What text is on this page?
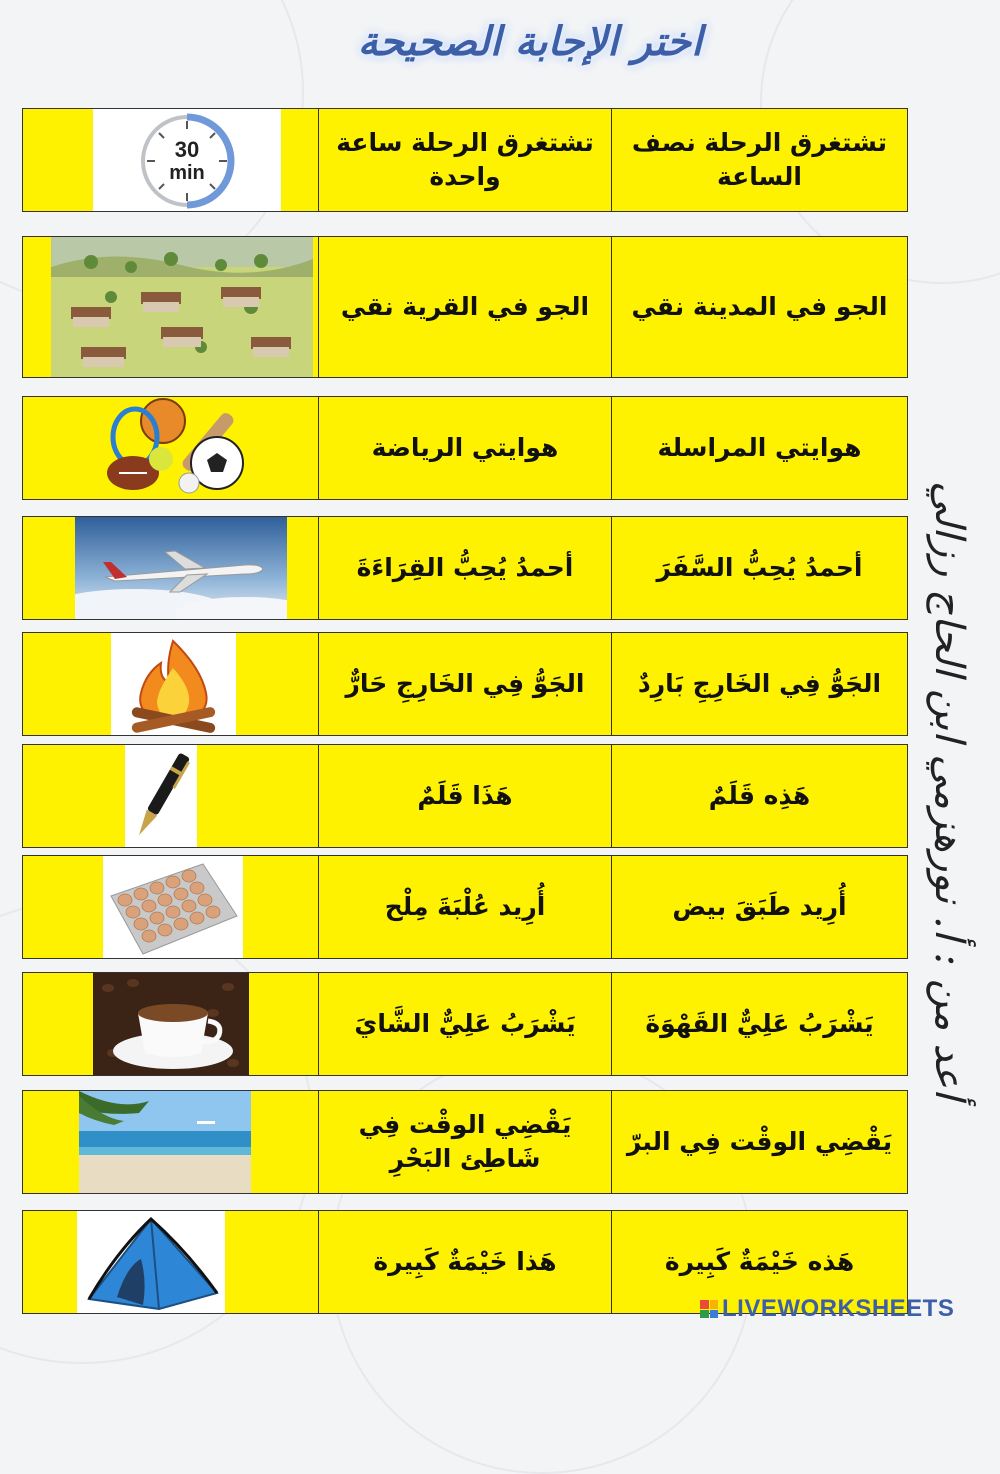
اختر الإجابة الصحيحة
تشتغرق الرحلة نصف الساعة
تشتغرق الرحلة ساعة واحدة
30
min
الجو في المدينة نقي
الجو في القرية نقي
هوايتي المراسلة
هوايتي الرياضة
أحمدُ يُحِبُّ السَّفَرَ
أحمدُ يُحِبُّ القِرَاءَةَ
الجَوُّ فِي الخَارِجِ بَارِدٌ
الجَوُّ فِي الخَارِجِ حَارٌّ
هَذِه قَلَمٌ
هَذَا قَلَمٌ
أُرِيد طَبَقَ بيض
أُرِيد عُلْبَةَ مِلْح
يَشْرَبُ عَلِيٌّ القَهْوَةَ
يَشْرَبُ عَلِيٌّ الشَّايَ
يَقْضِي الوقْت فِي البرّ
يَقْضِي الوقْت فِي شَاطِئ البَحْرِ
هَذه خَيْمَةٌ كَبِيرة
هَذا خَيْمَةٌ كَبِيرة
أعد من : أ. نورهزمي ابن الحاج رزالي
LIVEWORKSHEETS
